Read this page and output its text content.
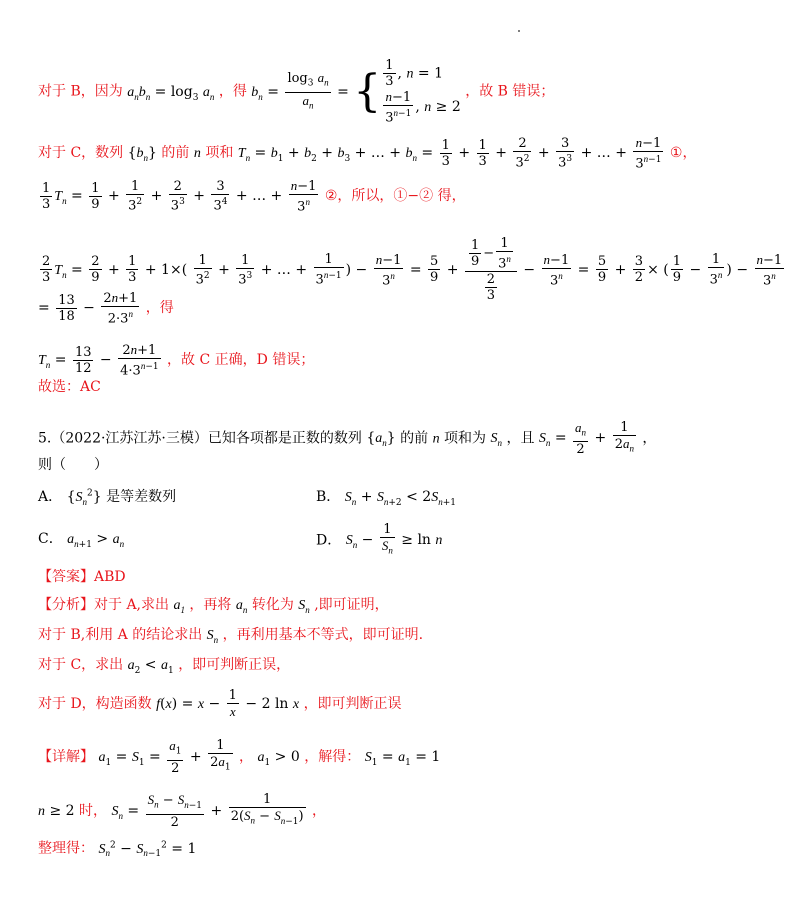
对于 B，因为 $a_nb_n = \log_3 a_n$ ，得 $b_n = \frac{\log_3 a_n}{a_n}$ = { $\frac{1}{3}$ , n = 1
$\frac{n-1}{3^{n-1}}$ , n ≥ 2
，故 B 错误；
对于 C，数列 $\{b_n\}$ 的前 n 项和 $T_n = b_1 + b_2 + b_3$ + … + $b_n = \frac{1}{3} + \frac{1}{3} + \frac{2}{3^2} + \frac{3}{3^3}$ + … + $\frac{n-1}{3^{n-1}}$ ①，
$\frac{1}{3} T_n = \frac{1}{9} + \frac{1}{3^2} + \frac{2}{3^3} + \frac{3}{3^4}$ + … + $\frac{n-1}{3^n}$ ②，所以，①−② 得，
$\frac{2}{3} T_n = \frac{2}{9} + \frac{1}{3} + 1\times( \frac{1}{3^2} + \frac{1}{3^3}$ + … + $\frac{1}{3^{n-1}}$ ) − $\frac{n-1}{3^n} = \frac{5}{9} + \frac{\frac{1}{9} - \frac{1}{3^n}}{\frac{2}{3}} - \frac{n-1}{3^n} = \frac{5}{9} + \frac{3}{2}$ × ( $\frac{1}{9} - \frac{1}{3^n}$ ) − $\frac{n-1}{3^n}$
= $\frac{13}{18} - \frac{2n+1}{2\cdot 3^n}$ ，得
$T_n = \frac{13}{12} - \frac{2n+1}{4\cdot 3^{n-1}}$ ，故 C 正确，D 错误；
故选：AC
5.（2022·江苏江苏·三模）已知各项都是正数的数列 $\{a_n\}$ 的前 n 项和为 $S_n$ ，且 $S_n = \frac{a_n}{2} + \frac{1}{2a_n}$ ，
则（　　）
A． $\{S_n^2\}$ 是等差数列	B． $S_n + S_{n+2} < 2S_{n+1}$
C． $a_{n+1} > a_n$	D． $S_n - \frac{1}{S_n} \ge \ln n$
【答案】ABD
【分析】对于 A,求出 $a_1$ ，再将 $a_n$ 转化为 $S_n$ ,即可证明，
对于 B,利用 A 的结论求出 $S_n$ ，再利用基本不等式，即可证明.
对于 C，求出 $a_2 < a_1$ ，即可判断正误，
对于 D，构造函数 $f(x) = x - \frac{1}{x} - 2$ ln x ，即可判断正误
【详解】 $a_1 = S_1 = \frac{a_1}{2} + \frac{1}{2a_1}$ ， $a_1 > 0$ ，解得： $S_1 = a_1 = 1$
n ≥ 2 时， $S_n = \frac{S_n - S_{n-1}}{2} + \frac{1}{2(S_n - S_{n-1})}$ ，
整理得： $S_n^2 - S_{n-1}^2 = 1$
